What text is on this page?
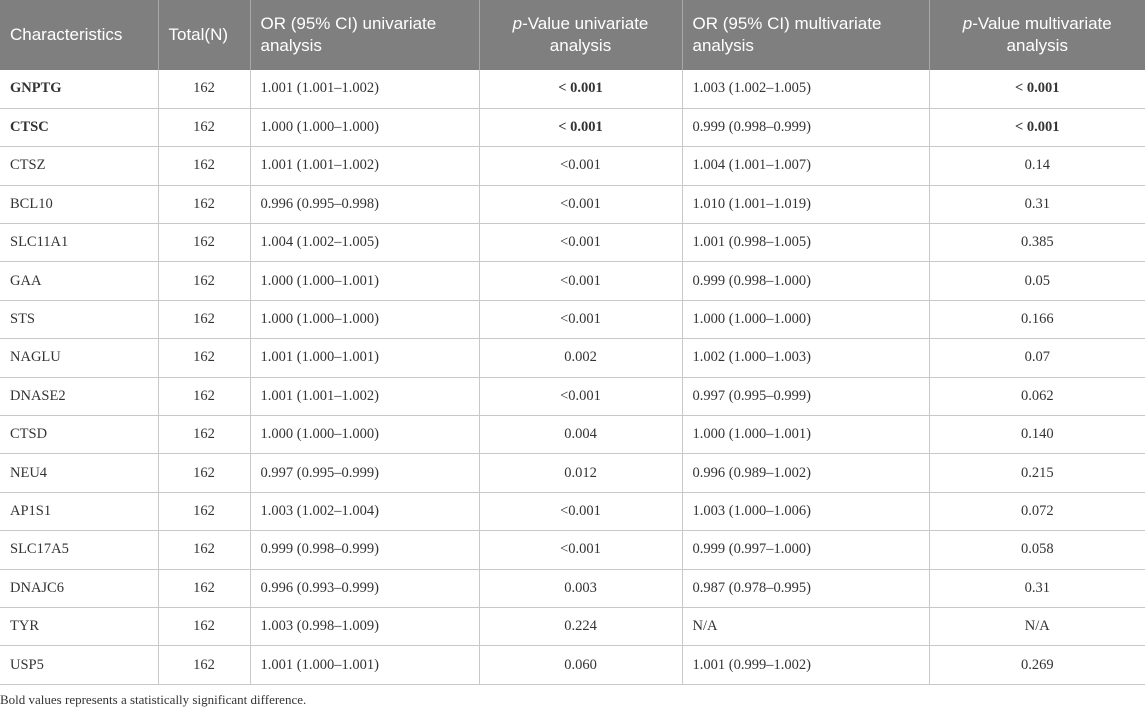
Characteristics	Total(N)	OR (95% CI) univariate analysis	p-Value univariate analysis	OR (95% CI) multivariate analysis	p-Value multivariate analysis
GNPTG	162	1.001 (1.001–1.002)	< 0.001	1.003 (1.002–1.005)	< 0.001
CTSC	162	1.000 (1.000–1.000)	< 0.001	0.999 (0.998–0.999)	< 0.001
CTSZ	162	1.001 (1.001–1.002)	<0.001	1.004 (1.001–1.007)	0.14
BCL10	162	0.996 (0.995–0.998)	<0.001	1.010 (1.001–1.019)	0.31
SLC11A1	162	1.004 (1.002–1.005)	<0.001	1.001 (0.998–1.005)	0.385
GAA	162	1.000 (1.000–1.001)	<0.001	0.999 (0.998–1.000)	0.05
STS	162	1.000 (1.000–1.000)	<0.001	1.000 (1.000–1.000)	0.166
NAGLU	162	1.001 (1.000–1.001)	0.002	1.002 (1.000–1.003)	0.07
DNASE2	162	1.001 (1.001–1.002)	<0.001	0.997 (0.995–0.999)	0.062
CTSD	162	1.000 (1.000–1.000)	0.004	1.000 (1.000–1.001)	0.140
NEU4	162	0.997 (0.995–0.999)	0.012	0.996 (0.989–1.002)	0.215
AP1S1	162	1.003 (1.002–1.004)	<0.001	1.003 (1.000–1.006)	0.072
SLC17A5	162	0.999 (0.998–0.999)	<0.001	0.999 (0.997–1.000)	0.058
DNAJC6	162	0.996 (0.993–0.999)	0.003	0.987 (0.978–0.995)	0.31
TYR	162	1.003 (0.998–1.009)	0.224	N/A	N/A
USP5	162	1.001 (1.000–1.001)	0.060	1.001 (0.999–1.002)	0.269
Bold values represents a statistically significant difference.
